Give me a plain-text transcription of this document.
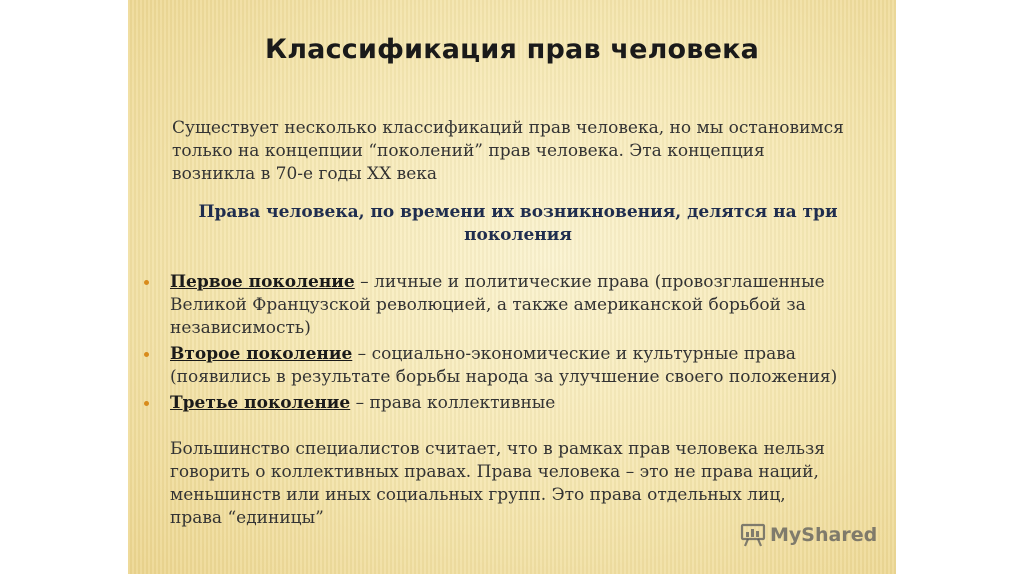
Классификация прав человека
Существует несколько классификаций прав человека, но мы остановимся
только на концепции “поколений” прав человека. Эта концепция
возникла в 70-е годы XX века
Права человека, по времени их возникновения, делятся на три
поколения
Первое поколение – личные и политические права (провозглашенные
Великой Французской революцией, а также американской борьбой за
независимость)
Второе поколение – социально-экономические и культурные права
(появились в результате борьбы народа за улучшение своего положения)
Третье поколение – права коллективные
Большинство специалистов считает, что в рамках прав человека нельзя
говорить о коллективных правах. Права человека – это не права наций,
меньшинств или иных социальных групп. Это права отдельных лиц,
права “единицы”
MyShared
